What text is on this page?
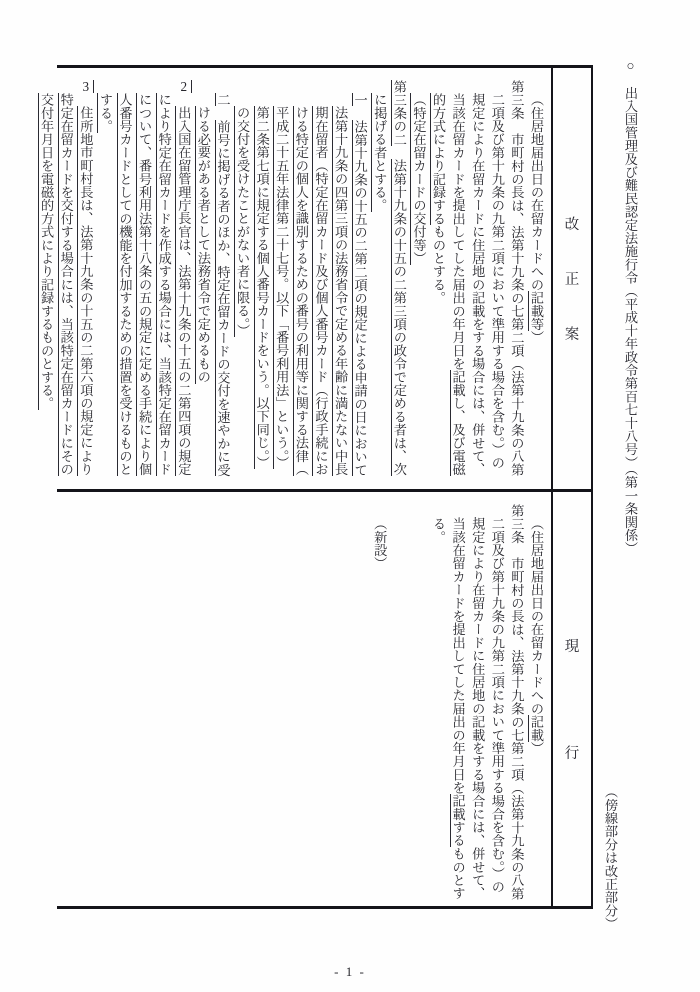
○　出入国管理及び難民認定法施行令（平成十年政令第百七十八号）（第一条関係）
（傍線部分は改正部分）
改
正
案
現
行
（住居地届出日の在留カードへの記載等）
第三条　市町村の長は、法第十九条の七第二項（法第十九条の八第
二項及び第十九条の九第二項において準用する場合を含む。）の
規定により在留カードに住居地の記載をする場合には、併せて、
当該在留カードを提出してした届出の年月日を記載し、及び電磁
的方式により記録するものとする。
（特定在留カードの交付等）
第三条の二　法第十九条の十五の二第三項の政令で定める者は、次
に掲げる者とする。
一　法第十九条の十五の二第二項の規定による申請の日において
法第十九条の四第三項の法務省令で定める年齢に満たない中長
期在留者（特定在留カード及び個人番号カード（行政手続にお
ける特定の個人を識別するための番号の利用等に関する法律（
平成二十五年法律第二十七号。以下「番号利用法」という。）
第二条第七項に規定する個人番号カードをいう。以下同じ。）
の交付を受けたことがない者に限る。）
二　前号に掲げる者のほか、特定在留カードの交付を速やかに受
ける必要がある者として法務省令で定めるもの
2　出入国在留管理庁長官は、法第十九条の十五の二第四項の規定
により特定在留カードを作成する場合には、当該特定在留カード
について、番号利用法第十八条の五の規定に定める手続により個
人番号カードとしての機能を付加するための措置を受けるものと
する。
3　住所地市町村長は、法第十九条の十五の二第六項の規定により
特定在留カードを交付する場合には、当該特定在留カードにその
交付年月日を電磁的方式により記録するものとする。
（住居地届出日の在留カードへの記載）
第三条　市町村の長は、法第十九条の七第二項（法第十九条の八第
二項及び第十九条の九第二項において準用する場合を含む。）の
規定により在留カードに住居地の記載をする場合には、併せて、
当該在留カードを提出してした届出の年月日を記載するものとす
る。

（新設）
- 1 -
